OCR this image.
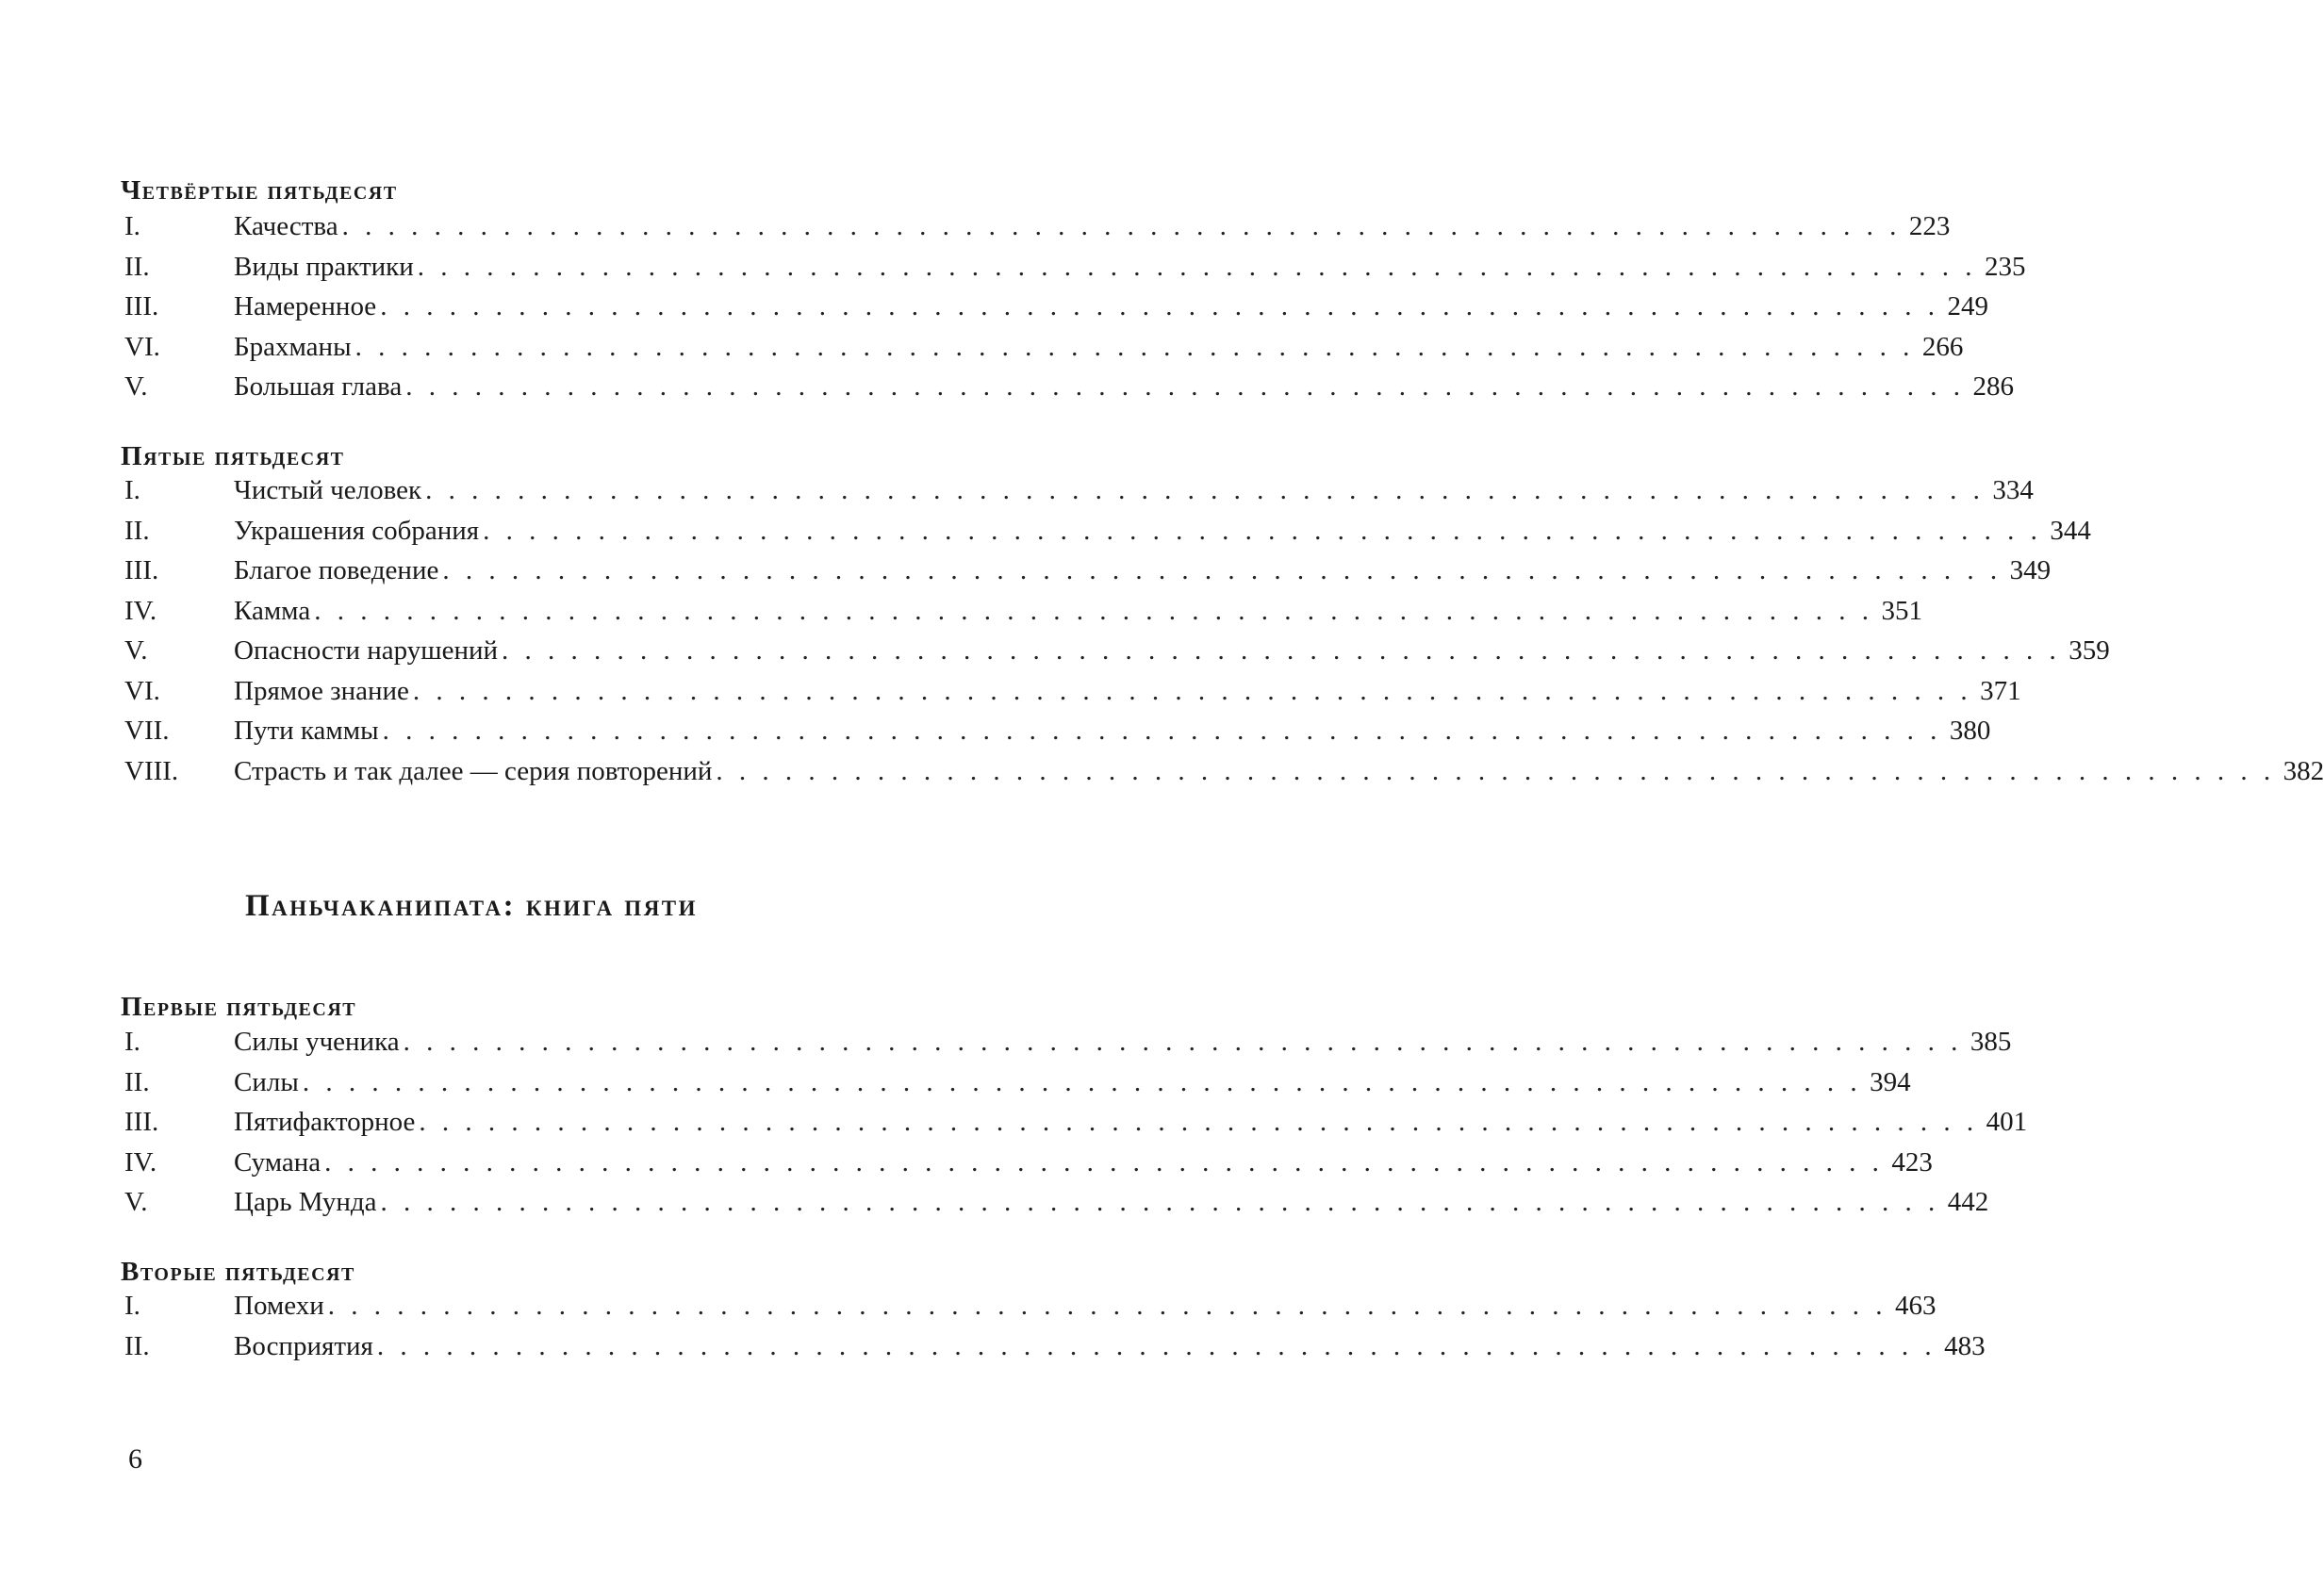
Четвёртые пятьдесят
I.	Качества . . . . . . . . . . . . . . . . . . . . . . . . . . . . . . . . . . . . . . . . . . . . . . . . . . . . . . . . . . . . . . . . . . . . 223
II.	Виды практики . . . . . . . . . . . . . . . . . . . . . . . . . . . . . . . . . . . . . . . . . . . . . . . . . . . . . . . . . . . . . . . . . . . . 235
III.	Намеренное . . . . . . . . . . . . . . . . . . . . . . . . . . . . . . . . . . . . . . . . . . . . . . . . . . . . . . . . . . . . . . . . . . . . 249
VI.	Брахманы . . . . . . . . . . . . . . . . . . . . . . . . . . . . . . . . . . . . . . . . . . . . . . . . . . . . . . . . . . . . . . . . . . . . 266
V.	Большая глава . . . . . . . . . . . . . . . . . . . . . . . . . . . . . . . . . . . . . . . . . . . . . . . . . . . . . . . . . . . . . . . . . . . . 286
Пятые пятьдесят
I.	Чистый человек . . . . . . . . . . . . . . . . . . . . . . . . . . . . . . . . . . . . . . . . . . . . . . . . . . . . . . . . . . . . . . . . . . . . 334
II.	Украшения собрания . . . . . . . . . . . . . . . . . . . . . . . . . . . . . . . . . . . . . . . . . . . . . . . . . . . . . . . . . . . . . . . . . . . . 344
III.	Благое поведение . . . . . . . . . . . . . . . . . . . . . . . . . . . . . . . . . . . . . . . . . . . . . . . . . . . . . . . . . . . . . . . . . . . . 349
IV.	Камма . . . . . . . . . . . . . . . . . . . . . . . . . . . . . . . . . . . . . . . . . . . . . . . . . . . . . . . . . . . . . . . . . . . . 351
V.	Опасности нарушений . . . . . . . . . . . . . . . . . . . . . . . . . . . . . . . . . . . . . . . . . . . . . . . . . . . . . . . . . . . . . . . . . . . . 359
VI.	Прямое знание . . . . . . . . . . . . . . . . . . . . . . . . . . . . . . . . . . . . . . . . . . . . . . . . . . . . . . . . . . . . . . . . . . . . 371
VII. Пути каммы . . . . . . . . . . . . . . . . . . . . . . . . . . . . . . . . . . . . . . . . . . . . . . . . . . . . . . . . . . . . . . . . . . . . 380
VIII. Страсть и так далее — серия повторений . . . . . . . . . . . . . . . . . . . . . . . . . . . . . . . . . . . . . . . . . . . . . . . . . . . . . . . . . . . . . . . . . . . . 382
Паньчаканипата: книга пяти
Первые пятьдесят
I.	Силы ученика . . . . . . . . . . . . . . . . . . . . . . . . . . . . . . . . . . . . . . . . . . . . . . . . . . . . . . . . . . . . . . . . . . . . 385
II.	Силы . . . . . . . . . . . . . . . . . . . . . . . . . . . . . . . . . . . . . . . . . . . . . . . . . . . . . . . . . . . . . . . . . . . . 394
III.	Пятифакторное . . . . . . . . . . . . . . . . . . . . . . . . . . . . . . . . . . . . . . . . . . . . . . . . . . . . . . . . . . . . . . . . . . . . 401
IV.	Сумана . . . . . . . . . . . . . . . . . . . . . . . . . . . . . . . . . . . . . . . . . . . . . . . . . . . . . . . . . . . . . . . . . . . . 423
V.	Царь Мунда . . . . . . . . . . . . . . . . . . . . . . . . . . . . . . . . . . . . . . . . . . . . . . . . . . . . . . . . . . . . . . . . . . . . 442
Вторые пятьдесят
I.	Помехи . . . . . . . . . . . . . . . . . . . . . . . . . . . . . . . . . . . . . . . . . . . . . . . . . . . . . . . . . . . . . . . . . . . . 463
II.	Восприятия . . . . . . . . . . . . . . . . . . . . . . . . . . . . . . . . . . . . . . . . . . . . . . . . . . . . . . . . . . . . . . . . . . . . 483
6
